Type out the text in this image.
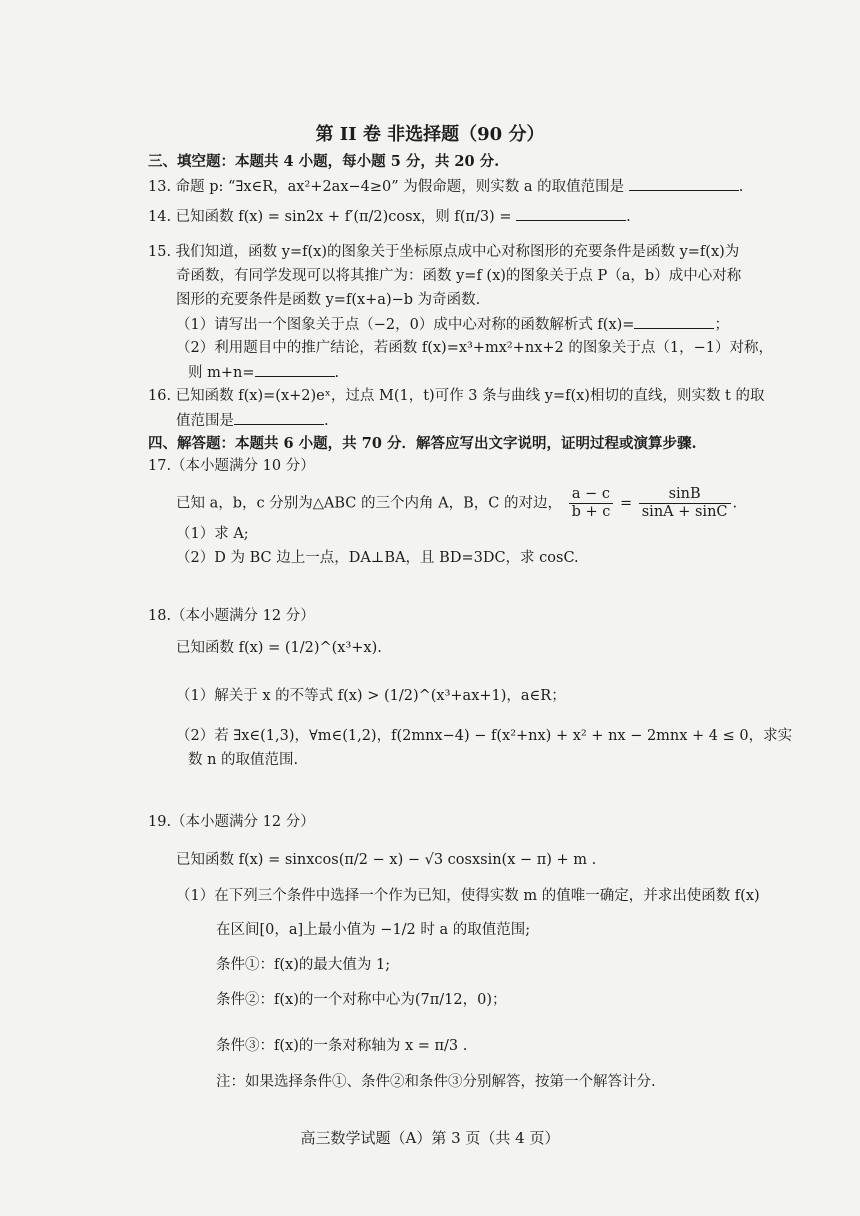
第 II 卷 非选择题（90 分）
三、填空题：本题共 4 小题，每小题 5 分，共 20 分.
13. 命题 p: “∃x∈R，ax²+2ax−4≥0” 为假命题，则实数 a 的取值范围是	.
14. 已知函数 f(x) = sin2x + f′(π/2)cosx，则 f(π/3) =	.
15. 我们知道，函数 y=f(x)的图象关于坐标原点成中心对称图形的充要条件是函数 y=f(x)为
奇函数，有同学发现可以将其推广为：函数 y=f (x)的图象关于点 P（a，b）成中心对称
图形的充要条件是函数 y=f(x+a)−b 为奇函数.
（1）请写出一个图象关于点（−2，0）成中心对称的函数解析式 f(x)=	；
（2）利用题目中的推广结论，若函数 f(x)=x³+mx²+nx+2 的图象关于点（1，−1）对称，
则 m+n=	.
16. 已知函数 f(x)=(x+2)eˣ，过点 M(1，t)可作 3 条与曲线 y=f(x)相切的直线，则实数 t 的取
值范围是	.
四、解答题：本题共 6 小题，共 70 分．解答应写出文字说明，证明过程或演算步骤.
17.（本小题满分 10 分）
已知 a，b，c 分别为△ABC 的三个内角 A，B，C 的对边， $\frac{a - c}{b + c} = \frac{\sin B}{\sin A + \sin C}$ .
（1）求 A;
（2）D 为 BC 边上一点，DA⊥BA，且 BD=3DC，求 cosC.
18.（本小题满分 12 分）
已知函数 f(x) = (1/2)^(x³+x).
（1）解关于 x 的不等式 f(x) > (1/2)^(x³+ax+1)，a∈R；
（2）若 ∃x∈(1,3)，∀m∈(1,2)，f(2mnx−4) − f(x²+nx) + x² + nx − 2mnx + 4 ≤ 0，求实
数 n 的取值范围.
19.（本小题满分 12 分）
已知函数 f(x) = sinxcos(π/2 − x) − √3 cosxsin(x − π) + m .
（1）在下列三个条件中选择一个作为已知，使得实数 m 的值唯一确定，并求出使函数 f(x)
在区间[0，a]上最小值为 −1/2 时 a 的取值范围;
条件①：f(x)的最大值为 1;
条件②：f(x)的一个对称中心为(7π/12，0)；
条件③：f(x)的一条对称轴为 x = π/3 .
注：如果选择条件①、条件②和条件③分别解答，按第一个解答计分.
高三数学试题（A）第 3 页（共 4 页）
